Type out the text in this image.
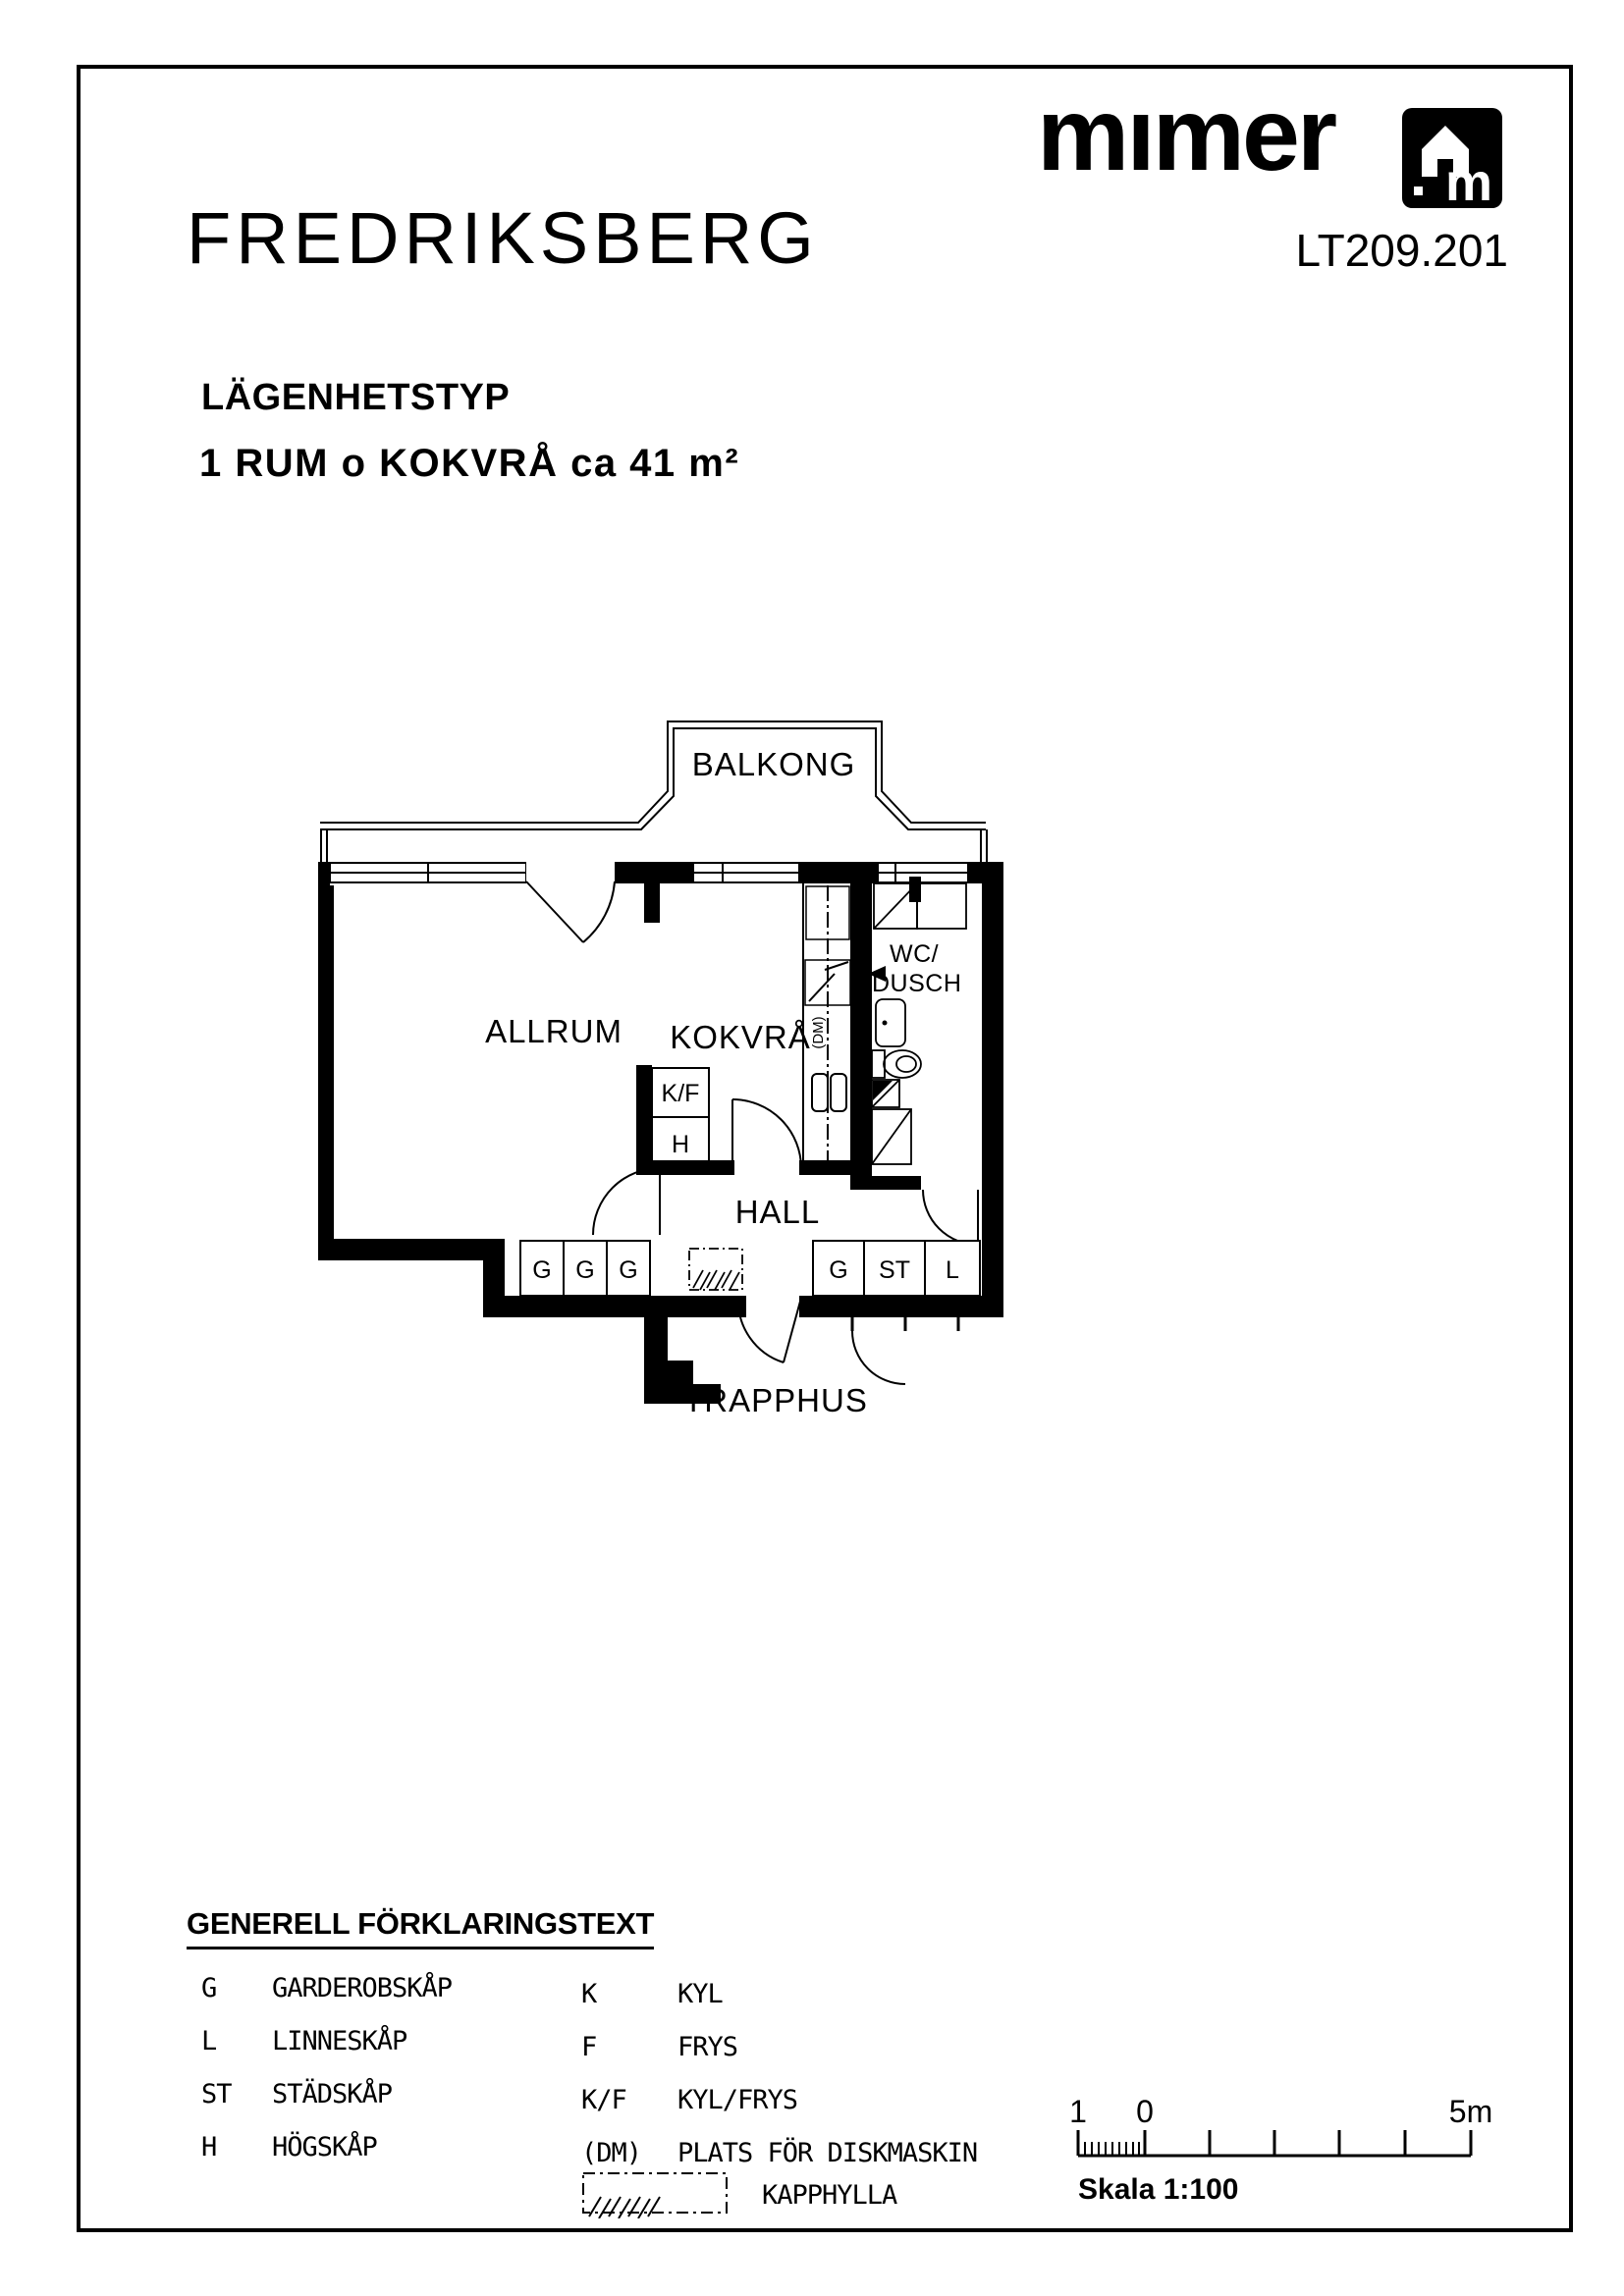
FREDRIKSBERG
mımer m
LT209.201
LÄGENHETSTYP
1 RUM o KOKVRÅ ca 41 m²
(DM)
K/F
H
G G G	G ST L
BALKONG
ALLRUM KOKVRÅ
HALL
TRAPPHUS
WC/
DUSCH
GENERELL FÖRKLARINGSTEXT
G GARDEROBSKÅP
L LINNESKÅP
ST STÄDSKÅP
H HÖGSKÅP
K	KYL
F	FRYS
K/F KYL/FRYS
(DM) PLATS FÖR DISKMASKIN
KAPPHYLLA
1 0	5m
Skala 1:100
